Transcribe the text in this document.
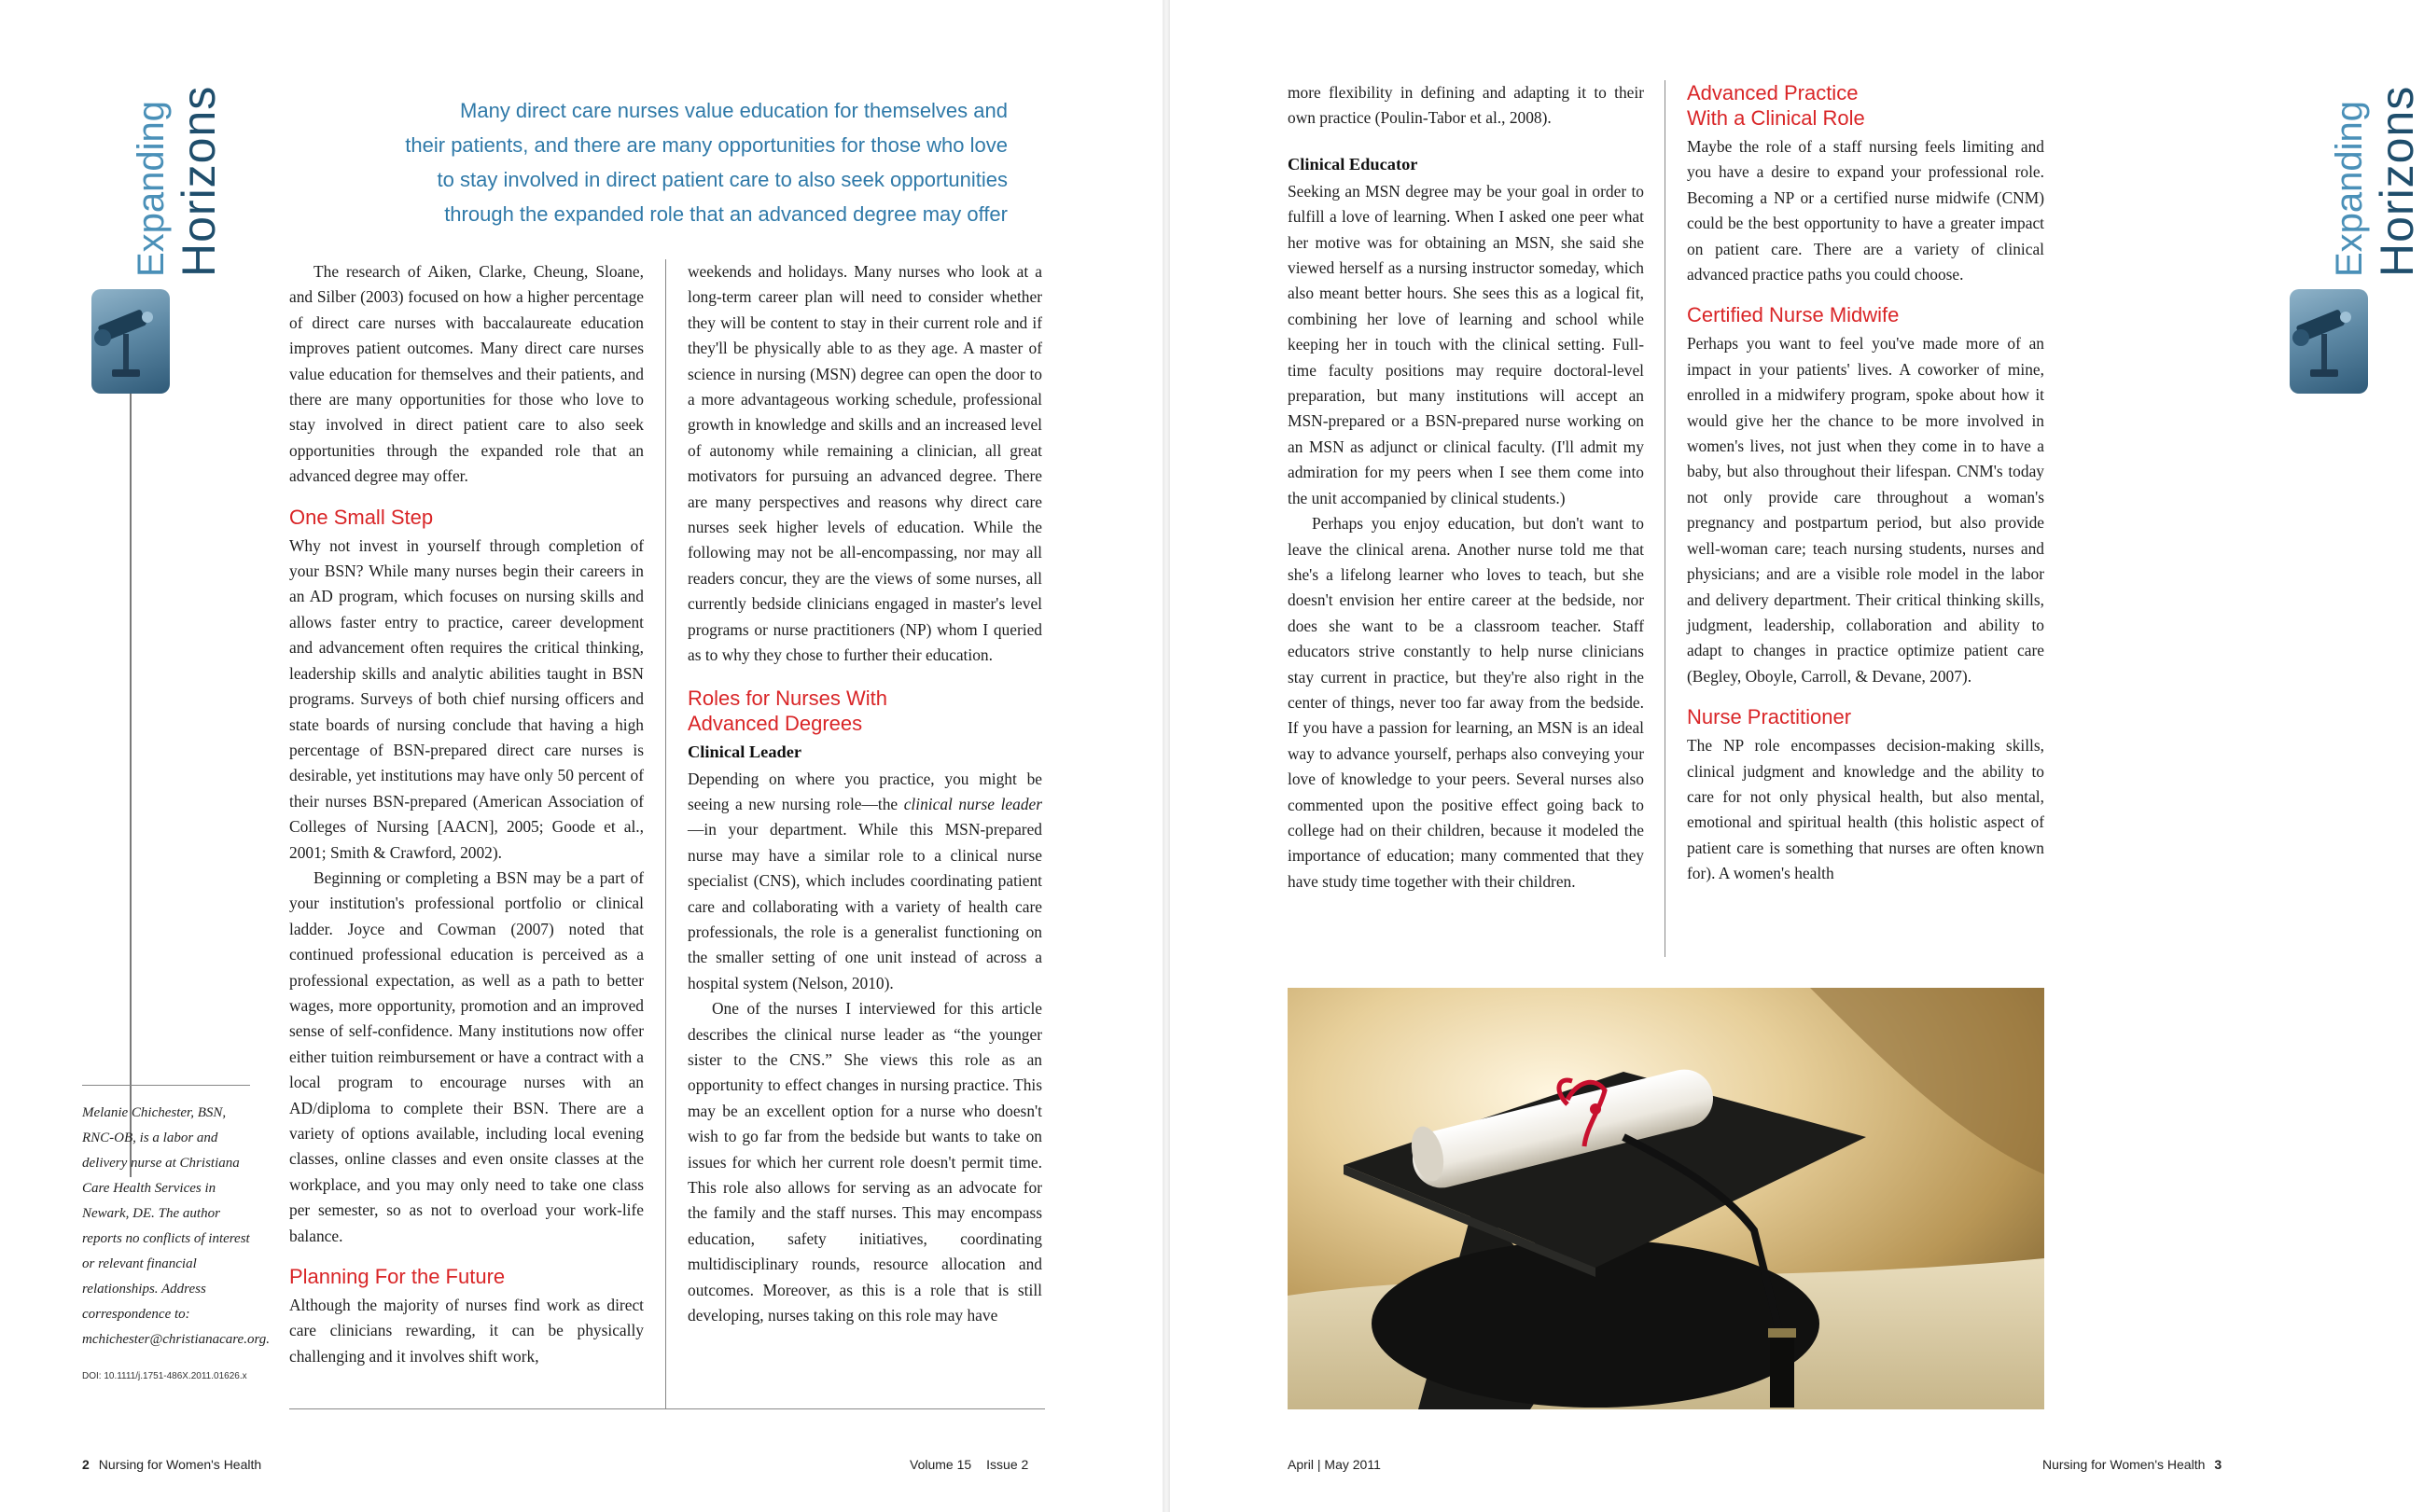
Expanding Horizons	Many direct care nurses value education for themselves and
their patients, and there are many opportunities for those who love
to stay involved in direct patient care to also seek opportunities
through the expanded role that an advanced degree may offer

The research of Aiken, Clarke, Cheung, Sloane, and Silber (2003) focused on how a higher percentage of direct care nurses with baccalaureate education improves patient outcomes. Many direct care nurses value education for themselves and their patients, and there are many opportunities for those who love to stay involved in direct patient care to also seek opportunities through the expanded role that an advanced degree may offer.

One Small Step

Why not invest in yourself through completion of your BSN? While many nurses begin their careers in an AD program, which focuses on nursing skills and allows faster entry to practice, career development and advancement often requires the critical thinking, leadership skills and analytic abilities taught in BSN programs. Surveys of both chief nursing officers and state boards of nursing conclude that having a high percentage of BSN-prepared direct care nurses is desirable, yet institutions may have only 50 percent of their nurses BSN-prepared (American Association of Colleges of Nursing [AACN], 2005; Goode et al., 2001; Smith & Crawford, 2002).

Beginning or completing a BSN may be a part of your institution's professional portfolio or clinical ladder. Joyce and Cowman (2007) noted that continued professional education is perceived as a professional expectation, as well as a path to better wages, more opportunity, promotion and an improved sense of self-confidence. Many institutions now offer either tuition reimbursement or have a contract with a local program to encourage nurses with an AD/diploma to complete their BSN. There are a variety of options available, including local evening classes, online classes and even onsite classes at the workplace, and you may only need to take one class per semester, so as not to overload your work-life balance.

Planning For the Future

Although the majority of nurses find work as direct care clinicians rewarding, it can be physically challenging and it involves shift work,

weekends and holidays. Many nurses who look at a long-term career plan will need to consider whether they will be content to stay in their current role and if they'll be physically able to as they age. A master of science in nursing (MSN) degree can open the door to a more advantageous working schedule, professional growth in knowledge and skills and an increased level of autonomy while remaining a clinician, all great motivators for pursuing an advanced degree. There are many perspectives and reasons why direct care nurses seek higher levels of education. While the following may not be all-encompassing, nor may all readers concur, they are the views of some nurses, all currently bedside clinicians engaged in master's level programs or nurse practitioners (NP) whom I queried as to why they chose to further their education.

Roles for Nurses With
Advanced Degrees
Clinical Leader

Depending on where you practice, you might be seeing a new nursing role—the clinical nurse leader—in your department. While this MSN-prepared nurse may have a similar role to a clinical nurse specialist (CNS), which includes coordinating patient care and collaborating with a variety of health care professionals, the role is a generalist functioning on the smaller setting of one unit instead of across a hospital system (Nelson, 2010).

One of the nurses I interviewed for this article describes the clinical nurse leader as “the younger sister to the CNS.” She views this role as an opportunity to effect changes in nursing practice. This may be an excellent option for a nurse who doesn't wish to go far from the bedside but wants to take on issues for which her current role doesn't permit time. This role also allows for serving as an advocate for the family and the staff nurses. This may encompass education, safety initiatives, coordinating multidisciplinary rounds, resource allocation and outcomes. Moreover, as this is a role that is still developing, nurses taking on this role may have

Melanie Chichester, BSN, RNC-OB, is a labor and delivery nurse at Christiana Care Health Services in Newark, DE. The author reports no conflicts of interest or relevant financial relationships. Address correspondence to: mchichester@christianacare.org.
DOI: 10.1111/j.1751-486X.2011.01626.x
2 Nursing for Women's Health	Volume 15 Issue 2

more flexibility in defining and adapting it to their own practice (Poulin-Tabor et al., 2008).

Clinical Educator

Seeking an MSN degree may be your goal in order to fulfill a love of learning. When I asked one peer what her motive was for obtaining an MSN, she said she viewed herself as a nursing instructor someday, which also meant better hours. She sees this as a logical fit, combining her love of learning and school while keeping her in touch with the clinical setting. Full-time faculty positions may require doctoral-level preparation, but many institutions will accept an MSN-prepared or a BSN-prepared nurse working on an MSN as adjunct or clinical faculty. (I'll admit my admiration for my peers when I see them come into the unit accompanied by clinical students.)

Perhaps you enjoy education, but don't want to leave the clinical arena. Another nurse told me that she's a lifelong learner who loves to teach, but she doesn't envision her entire career at the bedside, nor does she want to be a classroom teacher. Staff educators strive constantly to help nurse clinicians stay current in practice, but they're also right in the center of things, never too far away from the bedside. If you have a passion for learning, an MSN is an ideal way to advance yourself, perhaps also conveying your love of knowledge to your peers. Several nurses also commented upon the positive effect going back to college had on their children, because it modeled the importance of education; many commented that they have study time together with their children.

Advanced Practice
With a Clinical Role

Maybe the role of a staff nursing feels limiting and you have a desire to expand your professional role. Becoming a NP or a certified nurse midwife (CNM) could be the best opportunity to have a greater impact on patient care. There are a variety of clinical advanced practice paths you could choose.

Certified Nurse Midwife

Perhaps you want to feel you've made more of an impact in your patients' lives. A coworker of mine, enrolled in a midwifery program, spoke about how it would give her the chance to be more involved in women's lives, not just when they come in to have a baby, but also throughout their lifespan. CNM's today not only provide care throughout a woman's pregnancy and postpartum period, but also provide well-woman care; teach nursing students, nurses and physicians; and are a visible role model in the labor and delivery department. Their critical thinking skills, judgment, leadership, collaboration and ability to adapt to changes in practice optimize patient care (Begley, Oboyle, Carroll, & Devane, 2007).

Nurse Practitioner

The NP role encompasses decision-making skills, clinical judgment and knowledge and the ability to care for not only physical health, but also mental, emotional and spiritual health (this holistic aspect of patient care is something that nurses are often known for). A women's health

Expanding Horizons
April | May 2011	Nursing for Women's Health 3
